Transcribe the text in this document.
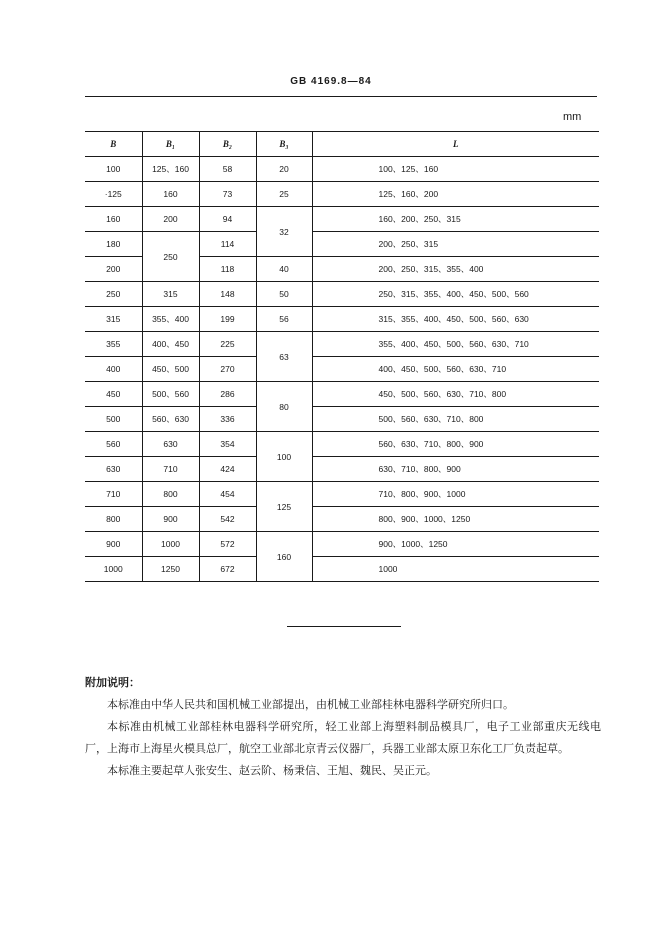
GB 4169.8—84
mm
B	B₁	B₂	B₃	L
100	125、160	58	20	100、125、160
·125	160	73	25	125、160、200
160	200	94	32	160、200、250、315
180	250	114		200、250、315
200		118	40	200、250、315、355、400
250	315	148	50	250、315、355、400、450、500、560
315	355、400	199	56	315、355、400、450、500、560、630
355	400、450	225	63	355、400、450、500、560、630、710
400	450、500	270		400、450、500、560、630、710
450	500、560	286	80	450、500、560、630、710、800
500	560、630	336		500、560、630、710、800
560	630	354	100	560、630、710、800、900
630	710	424		630、710、800、900
710	800	454	125	710、800、900、1000
800	900	542		800、900、1000、1250
900	1000	572	160	900、1000、1250
1000	1250	672		1000
附加说明：

本标准由中华人民共和国机械工业部提出，由机械工业部桂林电器科学研究所归口。

本标准由机械工业部桂林电器科学研究所，轻工业部上海塑料制品模具厂，电子工业部重庆无线电厂，上海市上海星火模具总厂，航空工业部北京青云仪器厂，兵器工业部太原卫东化工厂负责起草。

本标准主要起草人张安生、赵云阶、杨秉信、王旭、魏民、吴正元。
